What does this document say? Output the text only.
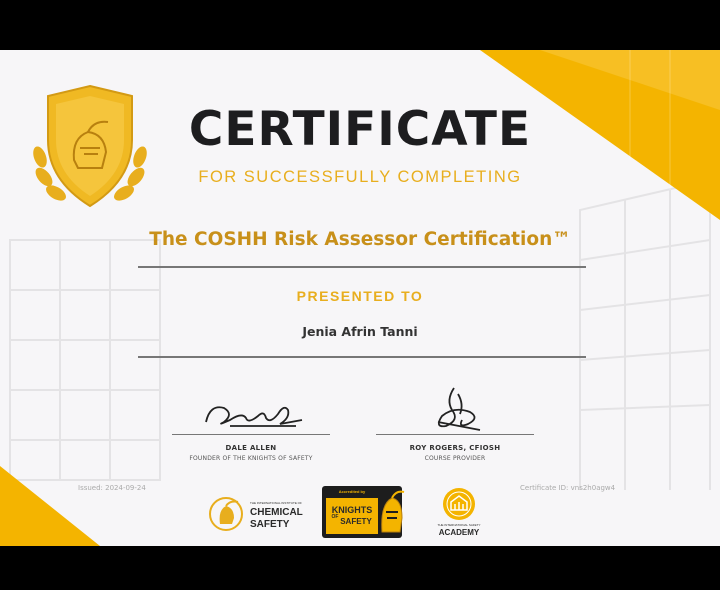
CERTIFICATE
FOR SUCCESSFULLY COMPLETING
The COSHH Risk Assessor Certification™
PRESENTED TO
Jenia Afrin Tanni
DALE ALLEN
FOUNDER OF THE KNIGHTS OF SAFETY
ROY ROGERS, CFIOSH
COURSE PROVIDER
Issued: 2024-09-24	Certificate ID: vns2h0agw4
THE INTERNATIONAL INSTITUTE OF
CHEMICAL
SAFETY
Accredited by
KNIGHTS
OF SAFETY	THE INTERNATIONAL SAFETY
ACADEMY
